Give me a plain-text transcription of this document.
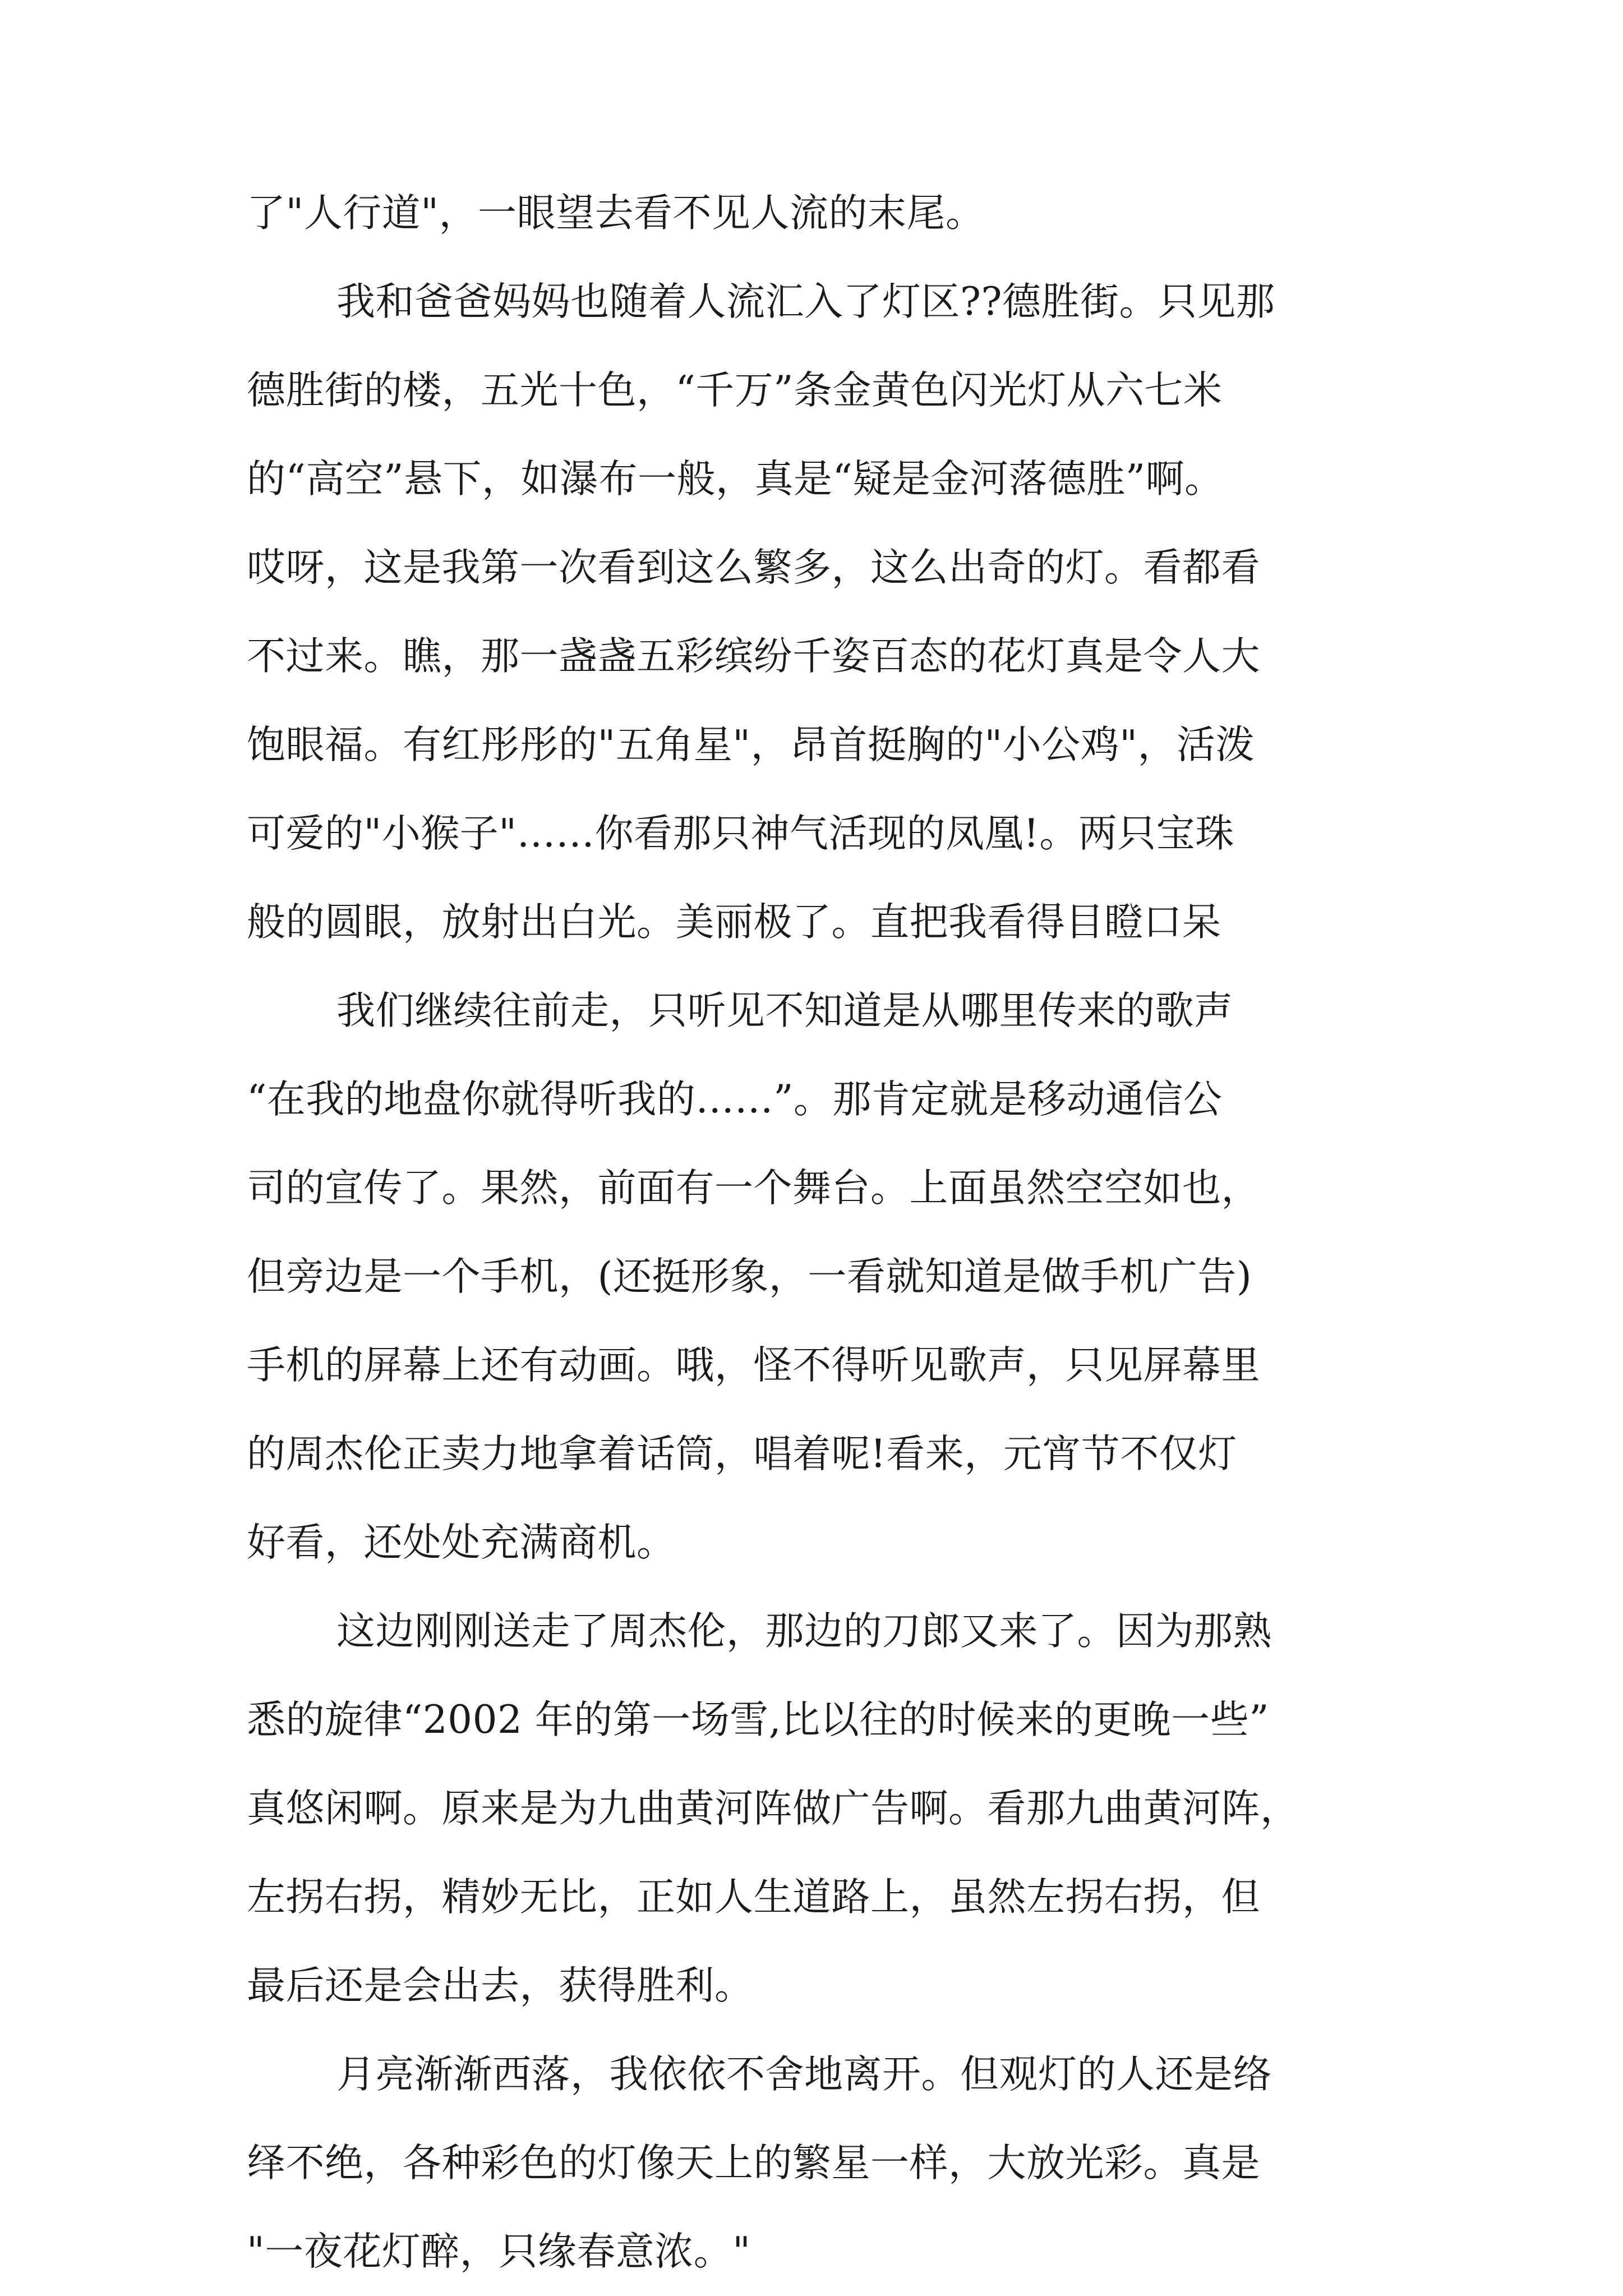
了"人行道"，一眼望去看不见人流的末尾。
我和爸爸妈妈也随着人流汇入了灯区??德胜街。只见那
德胜街的楼，五光十色，“千万”条金黄色闪光灯从六七米
的“高空”悬下，如瀑布一般，真是“疑是金河落德胜”啊。
哎呀，这是我第一次看到这么繁多，这么出奇的灯。看都看
不过来。瞧，那一盏盏五彩缤纷千姿百态的花灯真是令人大
饱眼福。有红彤彤的"五角星"，昂首挺胸的"小公鸡"，活泼
可爱的"小猴子"……你看那只神气活现的凤凰!。两只宝珠
般的圆眼，放射出白光。美丽极了。直把我看得目瞪口呆
我们继续往前走，只听见不知道是从哪里传来的歌声
“在我的地盘你就得听我的……”。那肯定就是移动通信公
司的宣传了。果然，前面有一个舞台。上面虽然空空如也，
但旁边是一个手机，(还挺形象，一看就知道是做手机广告)
手机的屏幕上还有动画。哦，怪不得听见歌声，只见屏幕里
的周杰伦正卖力地拿着话筒，唱着呢!看来，元宵节不仅灯
好看，还处处充满商机。
这边刚刚送走了周杰伦，那边的刀郎又来了。因为那熟
悉的旋律“2002 年的第一场雪,比以往的时候来的更晚一些”
真悠闲啊。原来是为九曲黄河阵做广告啊。看那九曲黄河阵，
左拐右拐，精妙无比，正如人生道路上，虽然左拐右拐，但
最后还是会出去，获得胜利。
月亮渐渐西落，我依依不舍地离开。但观灯的人还是络
绎不绝，各种彩色的灯像天上的繁星一样，大放光彩。真是
"一夜花灯醉，只缘春意浓。"
